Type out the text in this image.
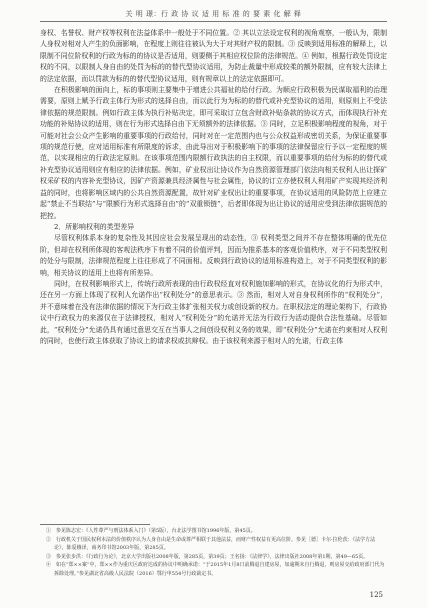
关 明 璟：行 政 协 议 适 用 标 准 的 要 素 化 解 释

身权、名誉权、财产权等权利在法益体系中一般处于不同位置。② 其以立法设定权利的视角观察，一般认为，限制人身权对相对人产生的负面影响，在程度上则往往被认为大于对其财产权的限制。③ 反映到适用标准的解释上，以限制不同位阶权利的行政为标的的协议是否适用，则要侧于其相应权位阶的法律规范。④ 例如，根据行政处罚设定权的不同，以限制人身自由的处罚为标的的替代型协议适用，为防止裁量中形成较柔的额外限制，应有较大法律上的法定依据，而以罚款为标的的替代型协议适用，则有规章以上的法定依据即可。

在积极影响的面向上，标的事项则主要集中于增进公共福祉的给付行政。为顺应行政积极为民谋取福利的治理需要，原则上赋予行政主体行为形式的选择自由，而以此行为为标的的替代或补充型协议的适用，则原则上不受法律依据的规范限制。例如行政主体为执行补贴决定，即可采取订立包含财政补贴条款的协议方式，而体现执行补充功能的补贴协议的适用，则在行为形式选择自由下无须额外的法律依据。③ 同时，立足积极影响程度的视角，对于可能对社会公众产生影响的重要事项的行政给付，同时对在一定范围内也与公众权益形成密切关系，为保证重要事项的规范行使，应对适用标准有所限度的诉求，由此导出对于积极影响下的事项的法律保留应行予以一定程度的规范，以实现相应的行政法定原则。在该事项范围内限额行政执法的自主权限，而以重要事项的给付为标的的替代或补充型协议适用则应有相应的法律依据。例如，矿业权出让协议作为自然资源管理部门依法向相关权利人出让探矿权采矿权的内容补充型协议，因矿产资源兼具经济属性与社会属性，协议的订立亦使权利人利用矿产实现其经济利益的同时，也将影响区域内的公共自然资源配置，故针对矿业权出让的重要事项，在协议适用的风险防范上应建立起“禁止不当联结”与“限额行为形式选择自由”的“双重锁链”，后者即体现为出让协议的适用应受到法律依据规范的把控。

2．所影响权利的类型差异

尽管权利体系本身的复杂性及其因应社会发展呈现出的动态性，③ 权利类型之间并不存在整体明确的优先位阶，但却在权利所体现的客观法秩序下有着不同的价值评判，因而为推系基本的客观价值秩序，对于不同类型权利的处分与限制，法律规范程度上往往形成了不同面相。反映到行政协议的适用标准构造上，对于不同类型权利的影响，相关协议的适用上也将有所差异。

同时，在权利影响形式上，传统行政所表现的由行政权经直对权利施加影响的形式，在协议化的行为形式中，还在另一方面上体现了权利人允诺作出“权利处分”的意思表示。③ 然而，相对人对自身权利所作的“权利处分”，并不意味着在没有法律依据的情况下为行政主体扩张相关权力或创设新的权力。在职权法定的理论架构下，行政协议中行政权力的来源仅在于法律授权，相对人“权利处分”的允诺并无法为行政行为活动提供合法性基础。尽管如此，“权利处分”允诺仍具有通过意思交互在当事人之间创设权利义务的效果，即“权利处分”允诺在约束相对人权利的同时，也使行政主体获取了协议上的请求权或抗辩权。由于该权利来源于相对人的允诺，行政主体

①　参见陈志宏：《人性尊严与刑法体系入门》（第5版），台北法学图书馆1996年版，第45页。

②　行政机关于国民权利本法的价值秩序认为人身自由是生命或尊严相联于其他法益，而财产性权益有更高位阶。参见［德］卡尔·拉伦茨：《法学方法论》，陈爱娥译，商务印书馆2003年版，第285页。

③　参见张步洪：《行政行为论》，北京大学出版社2008年版，第285页，第39页；王名扬：《法律学》，法律出版社2008年第1期，第49—65页。

④　如在“郑××案”中，郑××作为重庆区政府达成的协议中明确承诺：“于2015年1月8日前腾退自建房屋，如逾期未自行腾退，则房屋交给政府部门代为拆除处理。”参见湖北省高级人民法院（2016）鄂行申554号行政裁定书。

125
